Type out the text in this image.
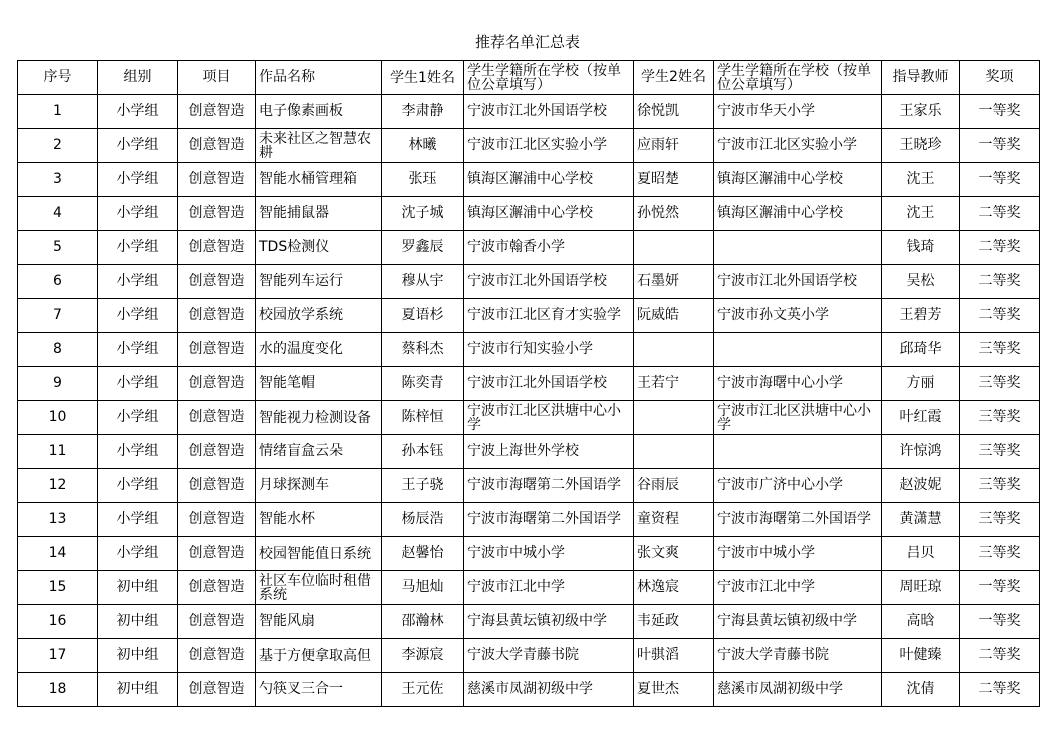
推荐名单汇总表
序号	组别	项目	作品名称	学生1姓名	学生学籍所在学校（按单位公章填写）	学生2姓名	学生学籍所在学校（按单位公章填写）	指导教师	奖项
1	小学组	创意智造	电子像素画板	李肃静	宁波市江北外国语学校	徐悦凯	宁波市华天小学	王家乐	一等奖
2	小学组	创意智造	未来社区之智慧农耕	林曦	宁波市江北区实验小学	应雨轩	宁波市江北区实验小学	王晓珍	一等奖
3	小学组	创意智造	智能水桶管理箱	张珏	镇海区澥浦中心学校	夏昭楚	镇海区澥浦中心学校	沈王	一等奖
4	小学组	创意智造	智能捕鼠器	沈子城	镇海区澥浦中心学校	孙悦然	镇海区澥浦中心学校	沈王	二等奖
5	小学组	创意智造	TDS检测仪	罗鑫辰	宁波市翰香小学			钱琦	二等奖
6	小学组	创意智造	智能列车运行	穆从宇	宁波市江北外国语学校	石墨妍	宁波市江北外国语学校	吴松	二等奖
7	小学组	创意智造	校园放学系统	夏语杉	宁波市江北区育才实验学	阮威皓	宁波市孙文英小学	王碧芳	二等奖
8	小学组	创意智造	水的温度变化	蔡科杰	宁波市行知实验小学			邱琦华	三等奖
9	小学组	创意智造	智能笔帽	陈奕青	宁波市江北外国语学校	王若宁	宁波市海曙中心小学	方丽	三等奖
10	小学组	创意智造	智能视力检测设备	陈梓恒	宁波市江北区洪塘中心小学		宁波市江北区洪塘中心小学	叶红霞	三等奖
11	小学组	创意智造	情绪盲盒云朵	孙本钰	宁波上海世外学校			许惊鸿	三等奖
12	小学组	创意智造	月球探测车	王子骁	宁波市海曙第二外国语学	谷雨辰	宁波市广济中心小学	赵波妮	三等奖
13	小学组	创意智造	智能水杯	杨辰浩	宁波市海曙第二外国语学	童资程	宁波市海曙第二外国语学	黄潇慧	三等奖
14	小学组	创意智造	校园智能值日系统	赵馨怡	宁波市中城小学	张文爽	宁波市中城小学	吕贝	三等奖
15	初中组	创意智造	社区车位临时租借系统	马旭灿	宁波市江北中学	林逸宸	宁波市江北中学	周旺琼	一等奖
16	初中组	创意智造	智能风扇	邵瀚林	宁海县黄坛镇初级中学	韦延政	宁海县黄坛镇初级中学	高晗	一等奖
17	初中组	创意智造	基于方便拿取高但	李源宸	宁波大学青藤书院	叶骐滔	宁波大学青藤书院	叶健臻	二等奖
18	初中组	创意智造	勺筷叉三合一	王元佐	慈溪市凤湖初级中学	夏世杰	慈溪市凤湖初级中学	沈倩	二等奖
